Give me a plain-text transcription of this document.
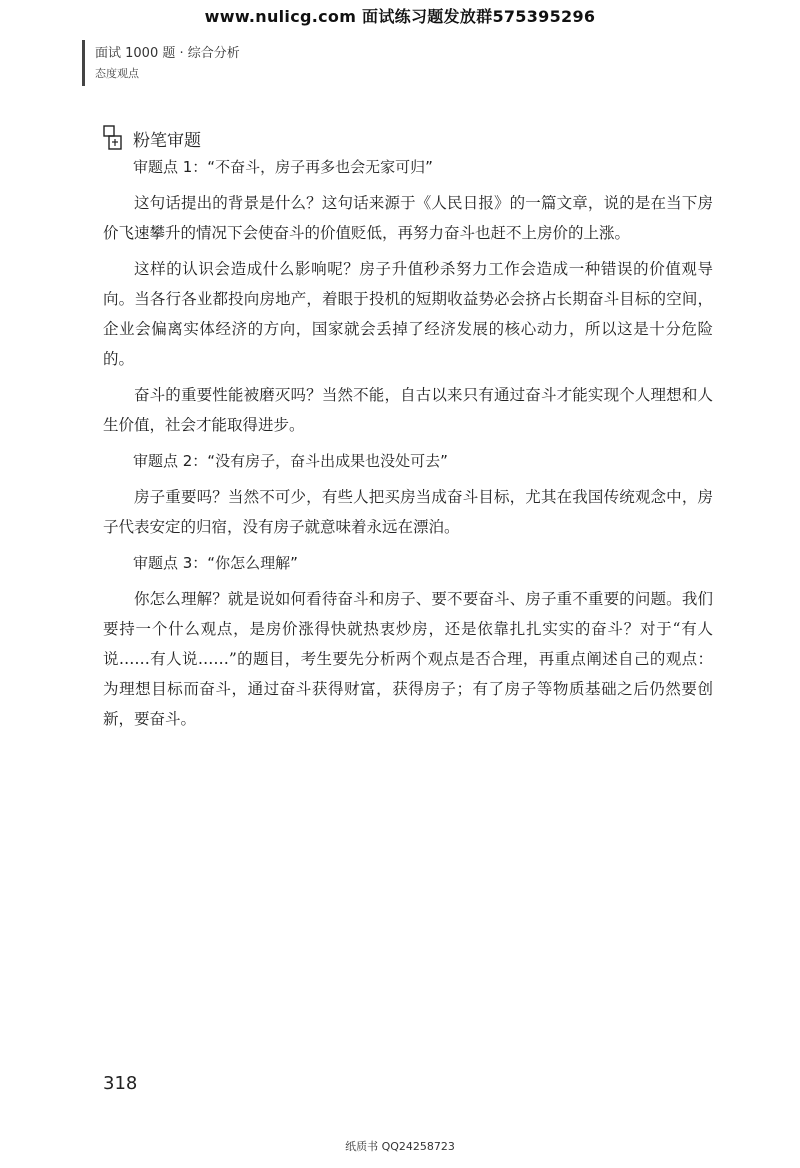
www.nulicg.com 面试练习题发放群575395296
面试 1000 题 · 综合分析
态度观点
粉笔审题

审题点 1：“不奋斗，房子再多也会无家可归”

这句话提出的背景是什么？这句话来源于《人民日报》的一篇文章，说的是在当下房价飞速攀升的情况下会使奋斗的价值贬低，再努力奋斗也赶不上房价的上涨。

这样的认识会造成什么影响呢？房子升值秒杀努力工作会造成一种错误的价值观导向。当各行各业都投向房地产，着眼于投机的短期收益势必会挤占长期奋斗目标的空间，企业会偏离实体经济的方向，国家就会丢掉了经济发展的核心动力，所以这是十分危险的。

奋斗的重要性能被磨灭吗？当然不能，自古以来只有通过奋斗才能实现个人理想和人生价值，社会才能取得进步。

审题点 2：“没有房子，奋斗出成果也没处可去”

房子重要吗？当然不可少，有些人把买房当成奋斗目标，尤其在我国传统观念中，房子代表安定的归宿，没有房子就意味着永远在漂泊。

审题点 3：“你怎么理解”

你怎么理解？就是说如何看待奋斗和房子、要不要奋斗、房子重不重要的问题。我们要持一个什么观点，是房价涨得快就热衷炒房，还是依靠扎扎实实的奋斗？对于“有人说……有人说……”的题目，考生要先分析两个观点是否合理，再重点阐述自己的观点：为理想目标而奋斗，通过奋斗获得财富，获得房子；有了房子等物质基础之后仍然要创新，要奋斗。

318
纸质书 QQ24258723
